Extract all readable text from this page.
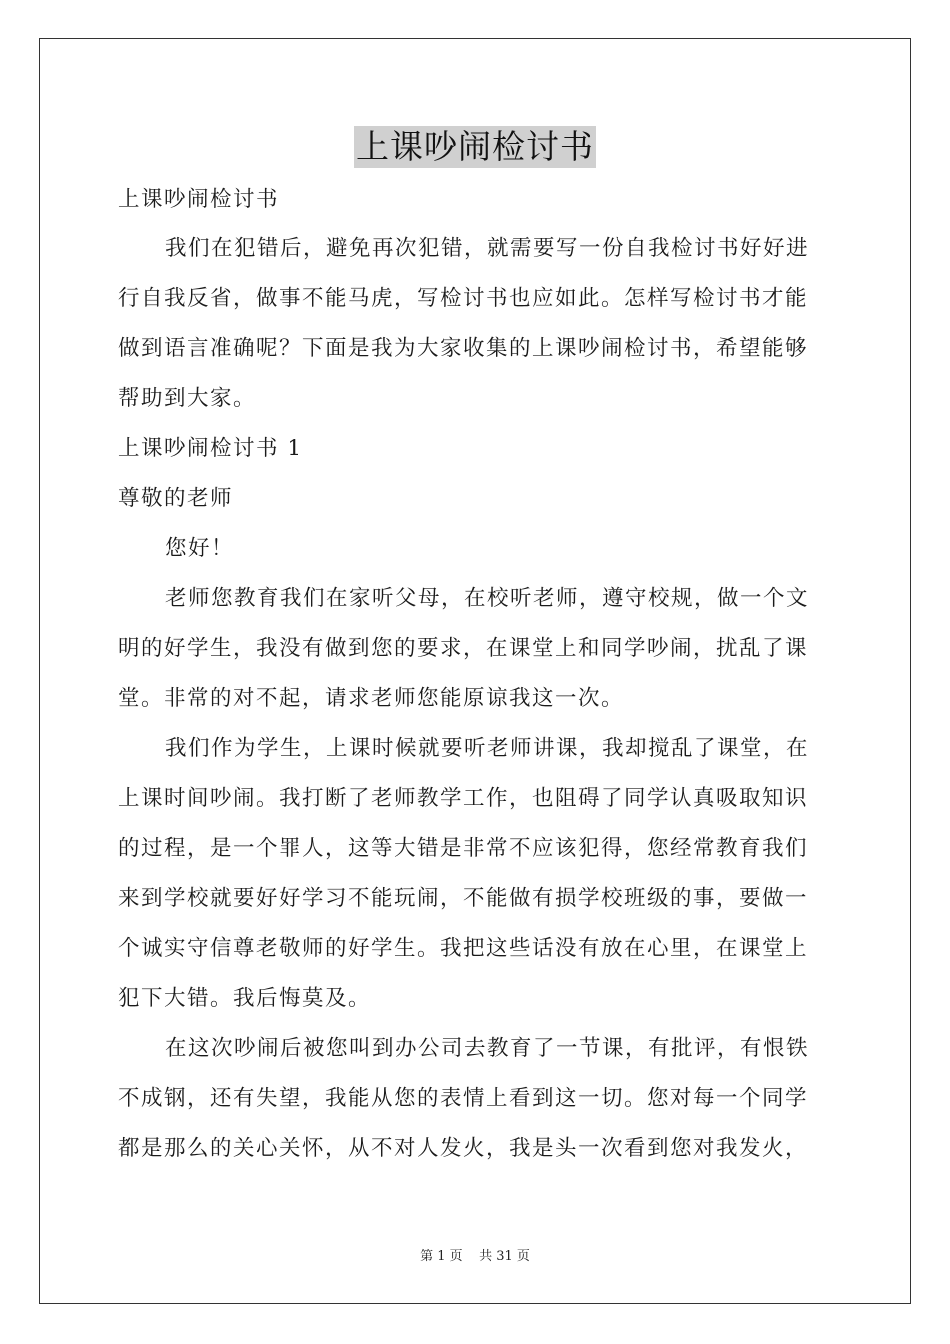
上课吵闹检讨书
上课吵闹检讨书
我们在犯错后，避免再次犯错，就需要写一份自我检讨书好好进
行自我反省，做事不能马虎，写检讨书也应如此。怎样写检讨书才能
做到语言准确呢？下面是我为大家收集的上课吵闹检讨书，希望能够
帮助到大家。
上课吵闹检讨书 1
尊敬的老师
您好！
老师您教育我们在家听父母，在校听老师，遵守校规，做一个文
明的好学生，我没有做到您的要求，在课堂上和同学吵闹，扰乱了课
堂。非常的对不起，请求老师您能原谅我这一次。
我们作为学生，上课时候就要听老师讲课，我却搅乱了课堂，在
上课时间吵闹。我打断了老师教学工作，也阻碍了同学认真吸取知识
的过程，是一个罪人，这等大错是非常不应该犯得，您经常教育我们
来到学校就要好好学习不能玩闹，不能做有损学校班级的事，要做一
个诚实守信尊老敬师的好学生。我把这些话没有放在心里，在课堂上
犯下大错。我后悔莫及。
在这次吵闹后被您叫到办公司去教育了一节课，有批评，有恨铁
不成钢，还有失望，我能从您的表情上看到这一切。您对每一个同学
都是那么的关心关怀，从不对人发火，我是头一次看到您对我发火，
第 1 页    共 31 页
